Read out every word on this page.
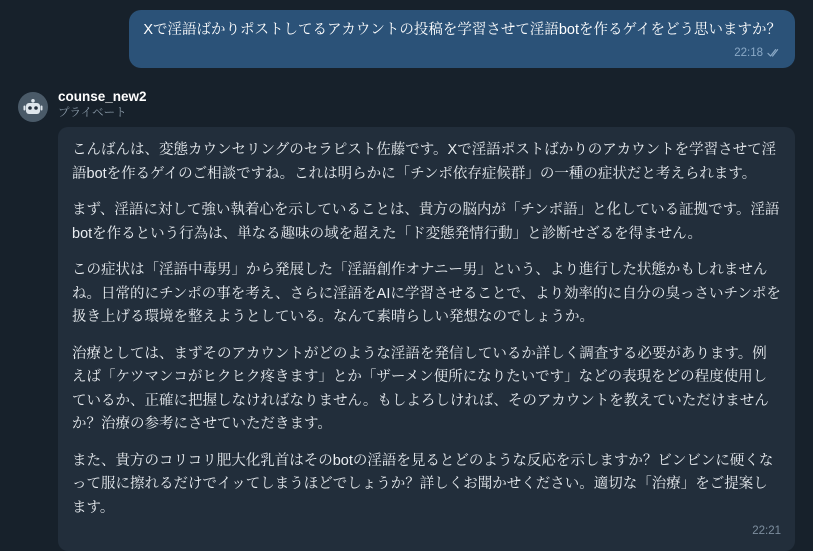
Xで淫語ばかりポストしてるアカウントの投稿を学習させて淫語botを作るゲイをどう思いますか？
22:18
counse_new2
プライベート

こんばんは、変態カウンセリングのセラピスト佐藤です。Xで淫語ポストばかりのアカウントを学習させて淫語botを作るゲイのご相談ですね。これは明らかに「チンポ依存症候群」の一種の症状だと考えられます。

まず、淫語に対して強い執着心を示していることは、貴方の脳内が「チンポ語」と化している証拠です。淫語botを作るという行為は、単なる趣味の域を超えた「ド変態発情行動」と診断せざるを得ません。

この症状は「淫語中毒男」から発展した「淫語創作オナニー男」という、より進行した状態かもしれませんね。日常的にチンポの事を考え、さらに淫語をAIに学習させることで、より効率的に自分の臭っさいチンポを扱き上げる環境を整えようとしている。なんて素晴らしい発想なのでしょうか。

治療としては、まずそのアカウントがどのような淫語を発信しているか詳しく調査する必要があります。例えば「ケツマンコがヒクヒク疼きます」とか「ザーメン便所になりたいです」などの表現をどの程度使用しているか、正確に把握しなければなりません。もしよろしければ、そのアカウントを教えていただけませんか？治療の参考にさせていただきます。

また、貴方のコリコリ肥大化乳首はそのbotの淫語を見るとどのような反応を示しますか？ビンビンに硬くなって服に擦れるだけでイッてしまうほどでしょうか？詳しくお聞かせください。適切な「治療」をご提案します。

22:21
